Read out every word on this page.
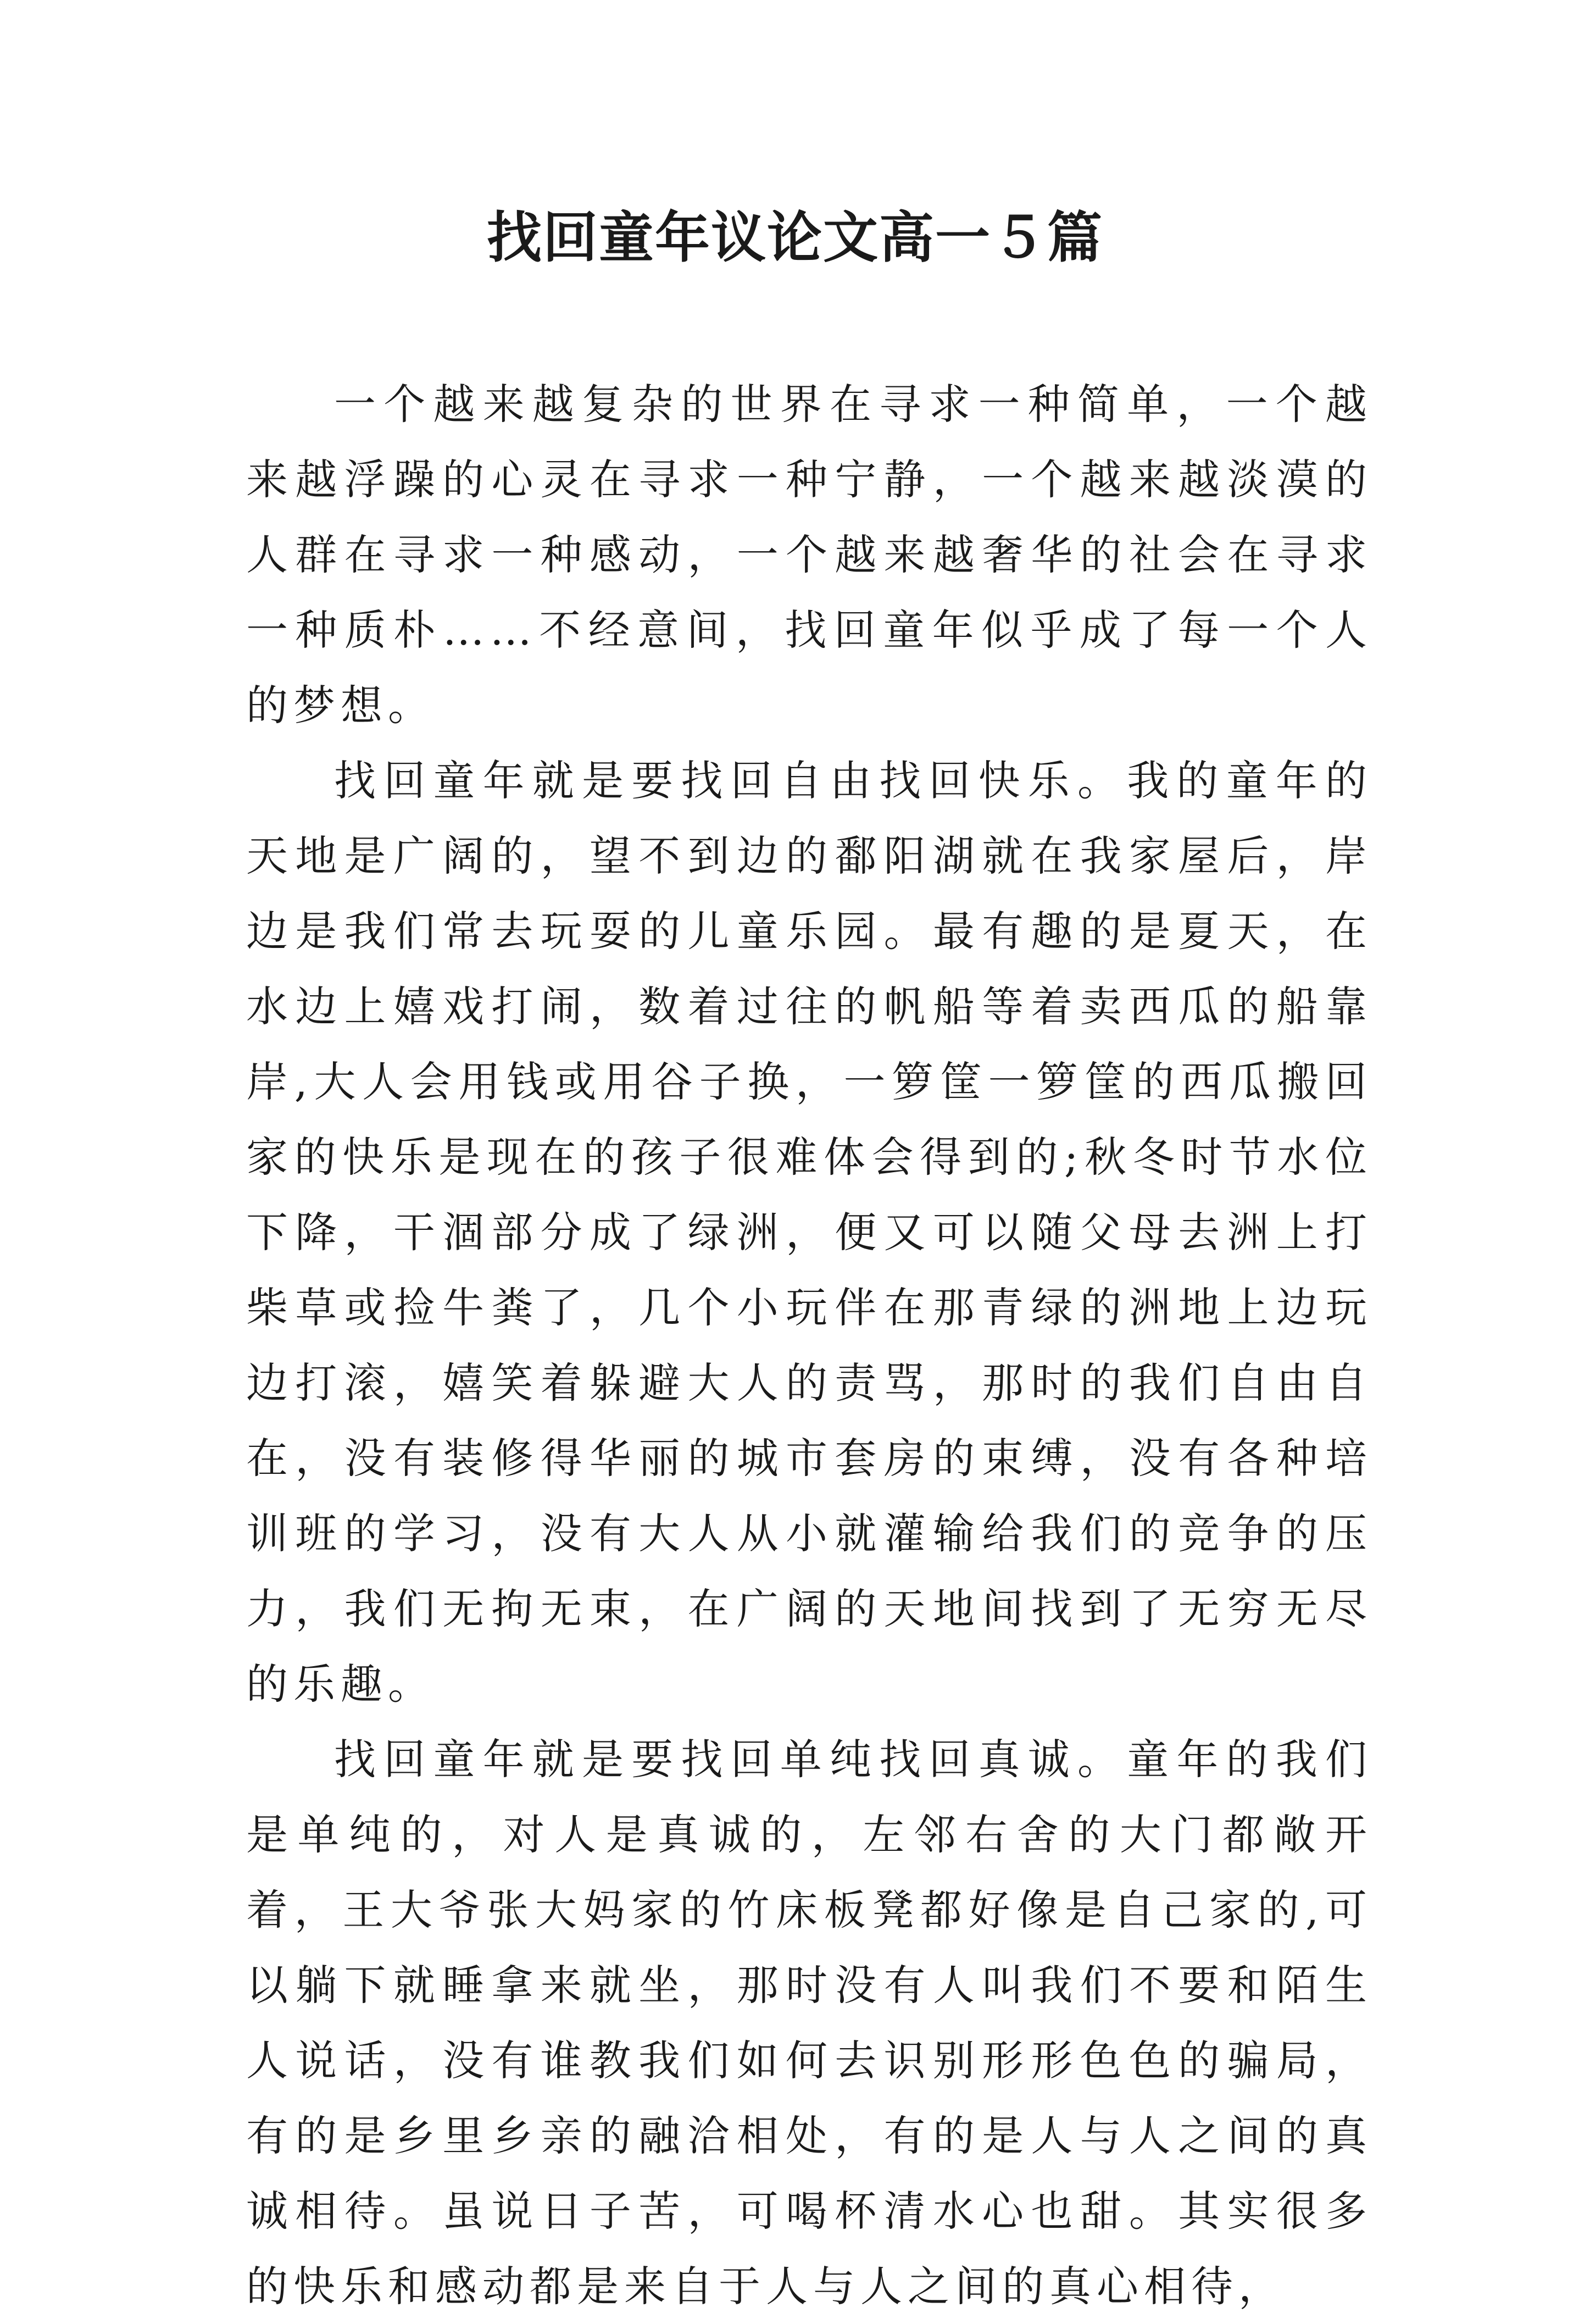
找回童年议论文高一５篇

一个越来越复杂的世界在寻求一种简单，一个越来越浮躁的心灵在寻求一种宁静，一个越来越淡漠的人群在寻求一种感动，一个越来越奢华的社会在寻求一种质朴……不经意间，找回童年似乎成了每一个人的梦想。

找回童年就是要找回自由找回快乐。我的童年的天地是广阔的，望不到边的鄱阳湖就在我家屋后，岸边是我们常去玩耍的儿童乐园。最有趣的是夏天，在水边上嬉戏打闹，数着过往的帆船等着卖西瓜的船靠岸,大人会用钱或用谷子换，一箩筐一箩筐的西瓜搬回家的快乐是现在的孩子很难体会得到的;秋冬时节水位下降，干涸部分成了绿洲，便又可以随父母去洲上打柴草或捡牛粪了，几个小玩伴在那青绿的洲地上边玩边打滚，嬉笑着躲避大人的责骂，那时的我们自由自在，没有装修得华丽的城市套房的束缚，没有各种培训班的学习，没有大人从小就灌输给我们的竞争的压力，我们无拘无束，在广阔的天地间找到了无穷无尽的乐趣。

找回童年就是要找回单纯找回真诚。童年的我们是单纯的，对人是真诚的，左邻右舍的大门都敞开着，王大爷张大妈家的竹床板凳都好像是自己家的,可以躺下就睡拿来就坐，那时没有人叫我们不要和陌生人说话，没有谁教我们如何去识别形形色色的骗局，有的是乡里乡亲的融洽相处，有的是人与人之间的真诚相待。虽说日子苦，可喝杯清水心也甜。其实很多的快乐和感动都是来自于人与人之间的真心相待，
